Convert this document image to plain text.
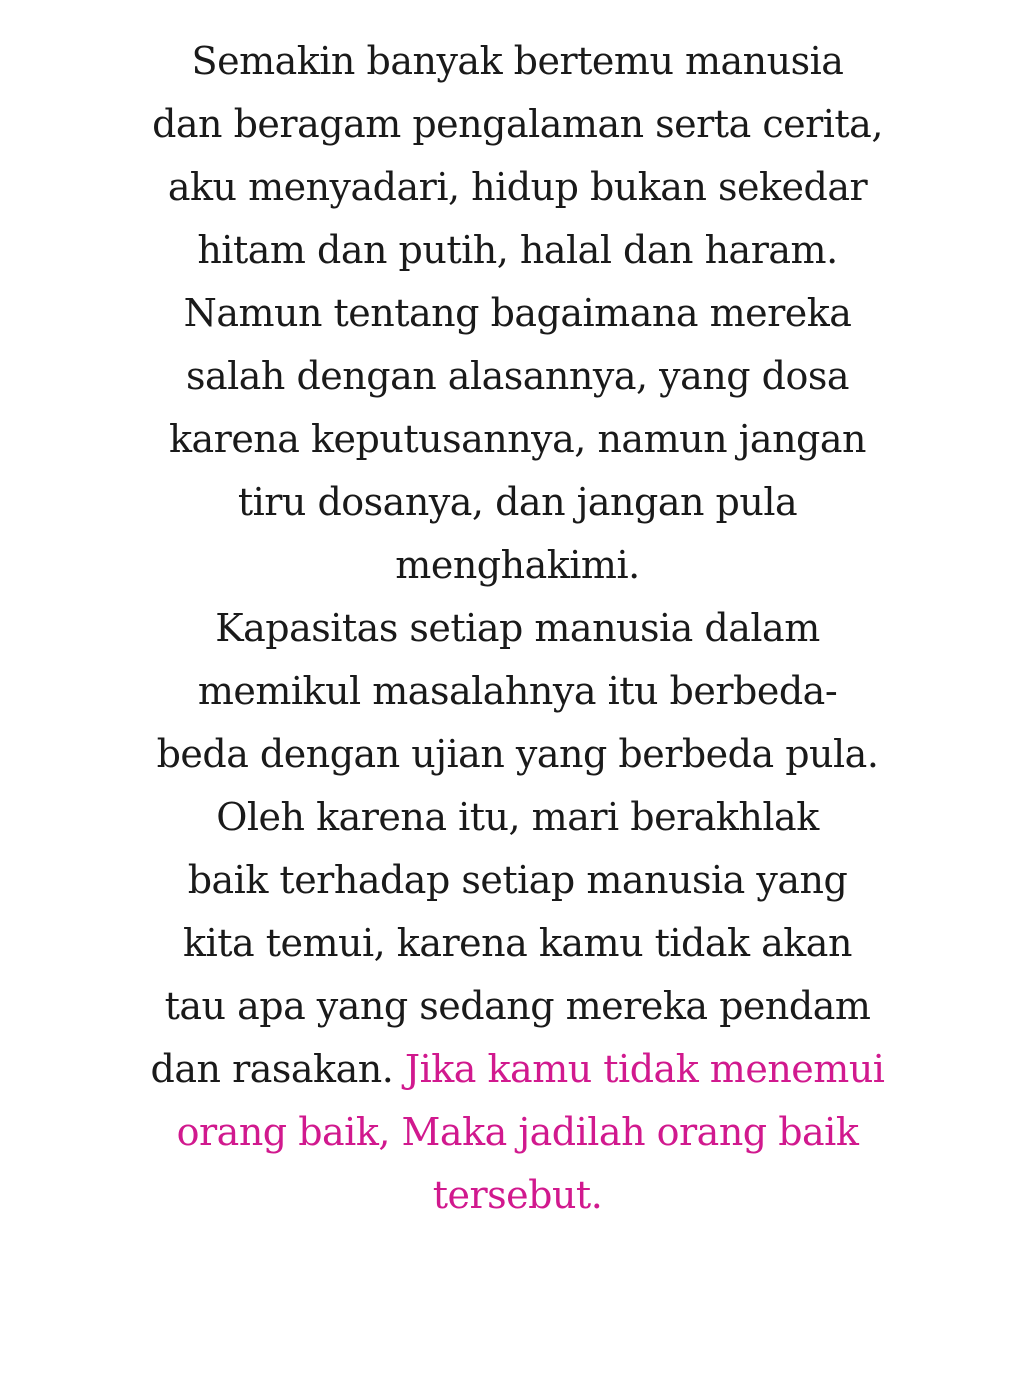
Semakin banyak bertemu manusia
dan beragam pengalaman serta cerita,
aku menyadari, hidup bukan sekedar
hitam dan putih, halal dan haram.
Namun tentang bagaimana mereka
salah dengan alasannya, yang dosa
karena keputusannya, namun jangan
tiru dosanya, dan jangan pula
menghakimi.
Kapasitas setiap manusia dalam
memikul masalahnya itu berbeda-
beda dengan ujian yang berbeda pula.
Oleh karena itu, mari berakhlak
baik terhadap setiap manusia yang
kita temui, karena kamu tidak akan
tau apa yang sedang mereka pendam
dan rasakan. Jika kamu tidak menemui
orang baik, Maka jadilah orang baik
tersebut.
